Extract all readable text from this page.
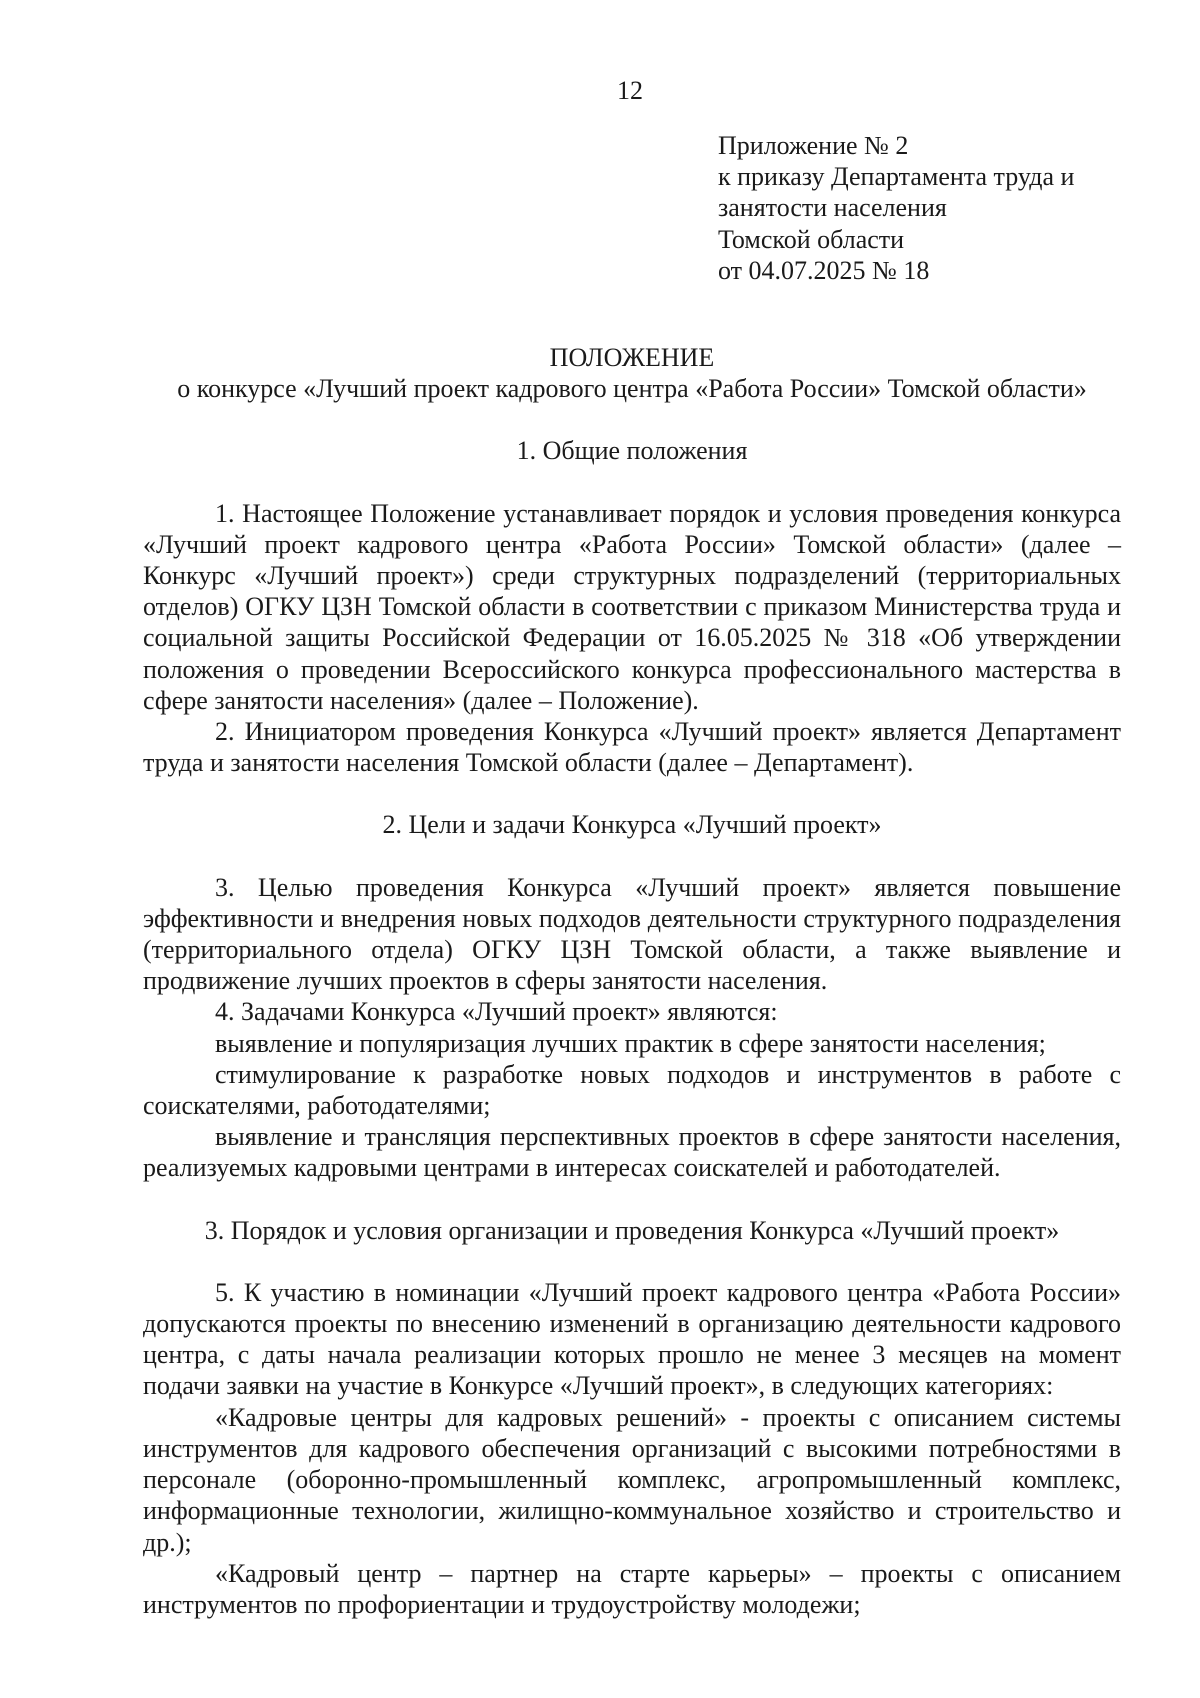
12
Приложение № 2
к приказу Департамента труда и
занятости населения
Томской области
от 04.07.2025 № 18
ПОЛОЖЕНИЕ
о конкурсе «Лучший проект кадрового центра «Работа России» Томской области»
1. Общие положения

1. Настоящее Положение устанавливает порядок и условия проведения конкурса «Лучший проект кадрового центра «Работа России» Томской области» (далее – Конкурс «Лучший проект») среди структурных подразделений (территориальных отделов) ОГКУ ЦЗН Томской области в соответствии с приказом Министерства труда и социальной защиты Российской Федерации от 16.05.2025 № 318 «Об утверждении положения о проведении Всероссийского конкурса профессионального мастерства в сфере занятости населения» (далее – Положение).

2. Инициатором проведения Конкурса «Лучший проект» является Департамент труда и занятости населения Томской области (далее – Департамент).

2. Цели и задачи Конкурса «Лучший проект»

3. Целью проведения Конкурса «Лучший проект» является повышение эффективности и внедрения новых подходов деятельности структурного подразделения (территориального отдела) ОГКУ ЦЗН Томской области, а также выявление и продвижение лучших проектов в сферы занятости населения.

4. Задачами Конкурса «Лучший проект» являются:

выявление и популяризация лучших практик в сфере занятости населения;

стимулирование к разработке новых подходов и инструментов в работе с соискателями, работодателями;

выявление и трансляция перспективных проектов в сфере занятости населения, реализуемых кадровыми центрами в интересах соискателей и работодателей.

3. Порядок и условия организации и проведения Конкурса «Лучший проект»

5. К участию в номинации «Лучший проект кадрового центра «Работа России» допускаются проекты по внесению изменений в организацию деятельности кадрового центра, с даты начала реализации которых прошло не менее 3 месяцев на момент подачи заявки на участие в Конкурсе «Лучший проект», в следующих категориях:

«Кадровые центры для кадровых решений» - проекты с описанием системы инструментов для кадрового обеспечения организаций с высокими потребностями в персонале (оборонно-промышленный комплекс, агропромышленный комплекс, информационные технологии, жилищно-коммунальное хозяйство и строительство и др.);

«Кадровый центр – партнер на старте карьеры» – проекты с описанием инструментов по профориентации и трудоустройству молодежи;
